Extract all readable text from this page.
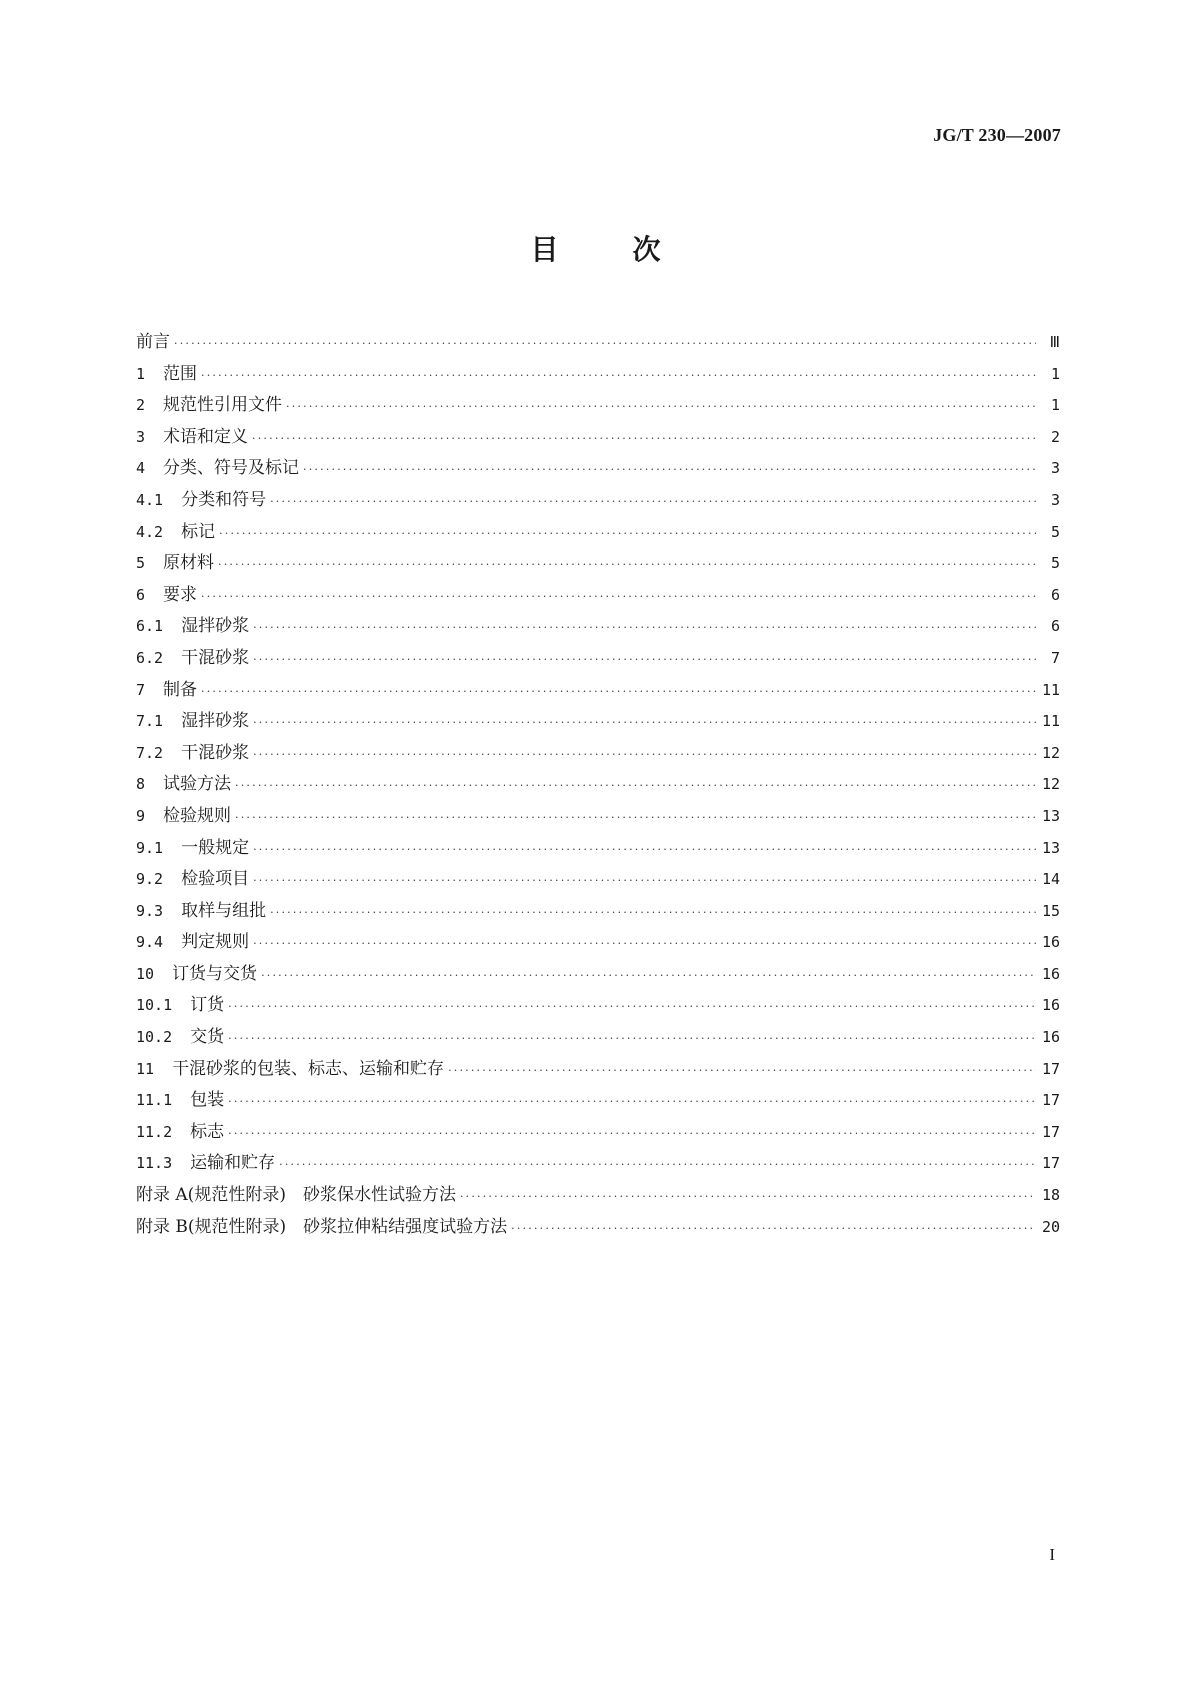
JG/T 230—2007
目	次
前言 ·····	Ⅲ
1 范围 ·····	1
2 规范性引用文件 ·····	1
3 术语和定义 ·····	2
4 分类、符号及标记 ·····	3
4.1 分类和符号 ·····	3
4.2 标记 ·····	5
5 原材料 ·····	5
6 要求 ·····	6
6.1 湿拌砂浆 ·····	6
6.2 干混砂浆 ·····	7
7 制备 ·····	11
7.1 湿拌砂浆 ·····	11
7.2 干混砂浆 ·····	12
8 试验方法 ·····	12
9 检验规则 ·····	13
9.1 一般规定 ·····	13
9.2 检验项目 ·····	14
9.3 取样与组批 ·····	15
9.4 判定规则 ·····	16
10 订货与交货 ·····	16
10.1 订货 ·····	16
10.2 交货 ·····	16
11 干混砂浆的包装、标志、运输和贮存 ·····	17
11.1 包装 ·····	17
11.2 标志 ·····	17
11.3 运输和贮存 ·····	17
附录 A(规范性附录)　砂浆保水性试验方法 ·····	18
附录 B(规范性附录)　砂浆拉伸粘结强度试验方法 ·····	20
I
